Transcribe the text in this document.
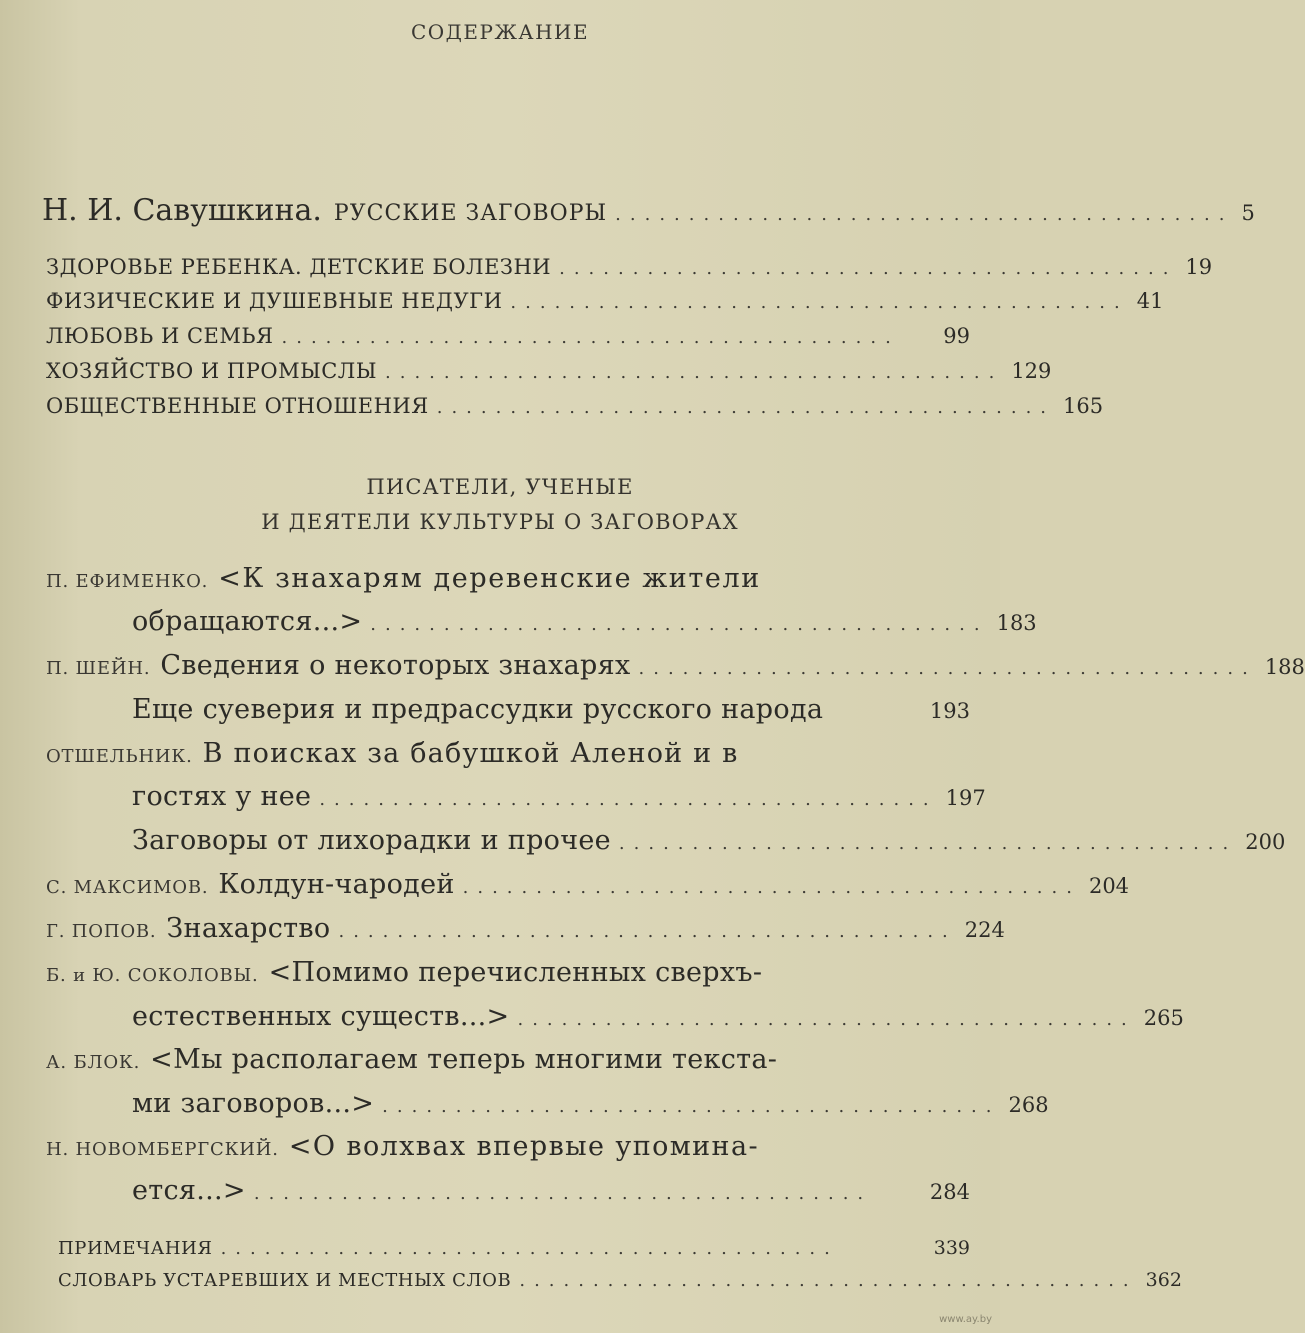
СОДЕРЖАНИЕ
Н. И. Савушкина. РУССКИЕ ЗАГОВОРЫ .......................................... 5
ЗДОРОВЬЕ РЕБЕНКА. ДЕТСКИЕ БОЛЕЗНИ .......................................... 19
ФИЗИЧЕСКИЕ И ДУШЕВНЫЕ НЕДУГИ .......................................... 41
ЛЮБОВЬ И СЕМЬЯ ..........................................	99
ХОЗЯЙСТВО И ПРОМЫСЛЫ .......................................... 129
ОБЩЕСТВЕННЫЕ ОТНОШЕНИЯ .......................................... 165
ПИСАТЕЛИ, УЧЕНЫЕ
И ДЕЯТЕЛИ КУЛЬТУРЫ О ЗАГОВОРАХ
П. ЕФИМЕНКО. <К знахарям деревенские жители
обращаются...> .......................................... 183
П. ШЕЙН. Сведения о некоторых знахарях .......................................... 188
Еще суеверия и предрассудки русского народа	193
ОТШЕЛЬНИК. В поисках за бабушкой Аленой и в
гостях у нее .......................................... 197
Заговоры от лихорадки и прочее .......................................... 200
С. МАКСИМОВ. Колдун-чародей .......................................... 204
Г. ПОПОВ. Знахарство .......................................... 224
Б. и Ю. СОКОЛОВЫ. <Помимо перечисленных сверхъ-
естественных существ...> .......................................... 265
А. БЛОК. <Мы располагаем теперь многими текста-
ми заговоров...> .......................................... 268
Н. НОВОМБЕРГСКИЙ. <О волхвах впервые упомина-
ется...> ..........................................	284
ПРИМЕЧАНИЯ ..........................................	339
СЛОВАРЬ УСТАРЕВШИХ И МЕСТНЫХ СЛОВ .......................................... 362
www.ay.by
